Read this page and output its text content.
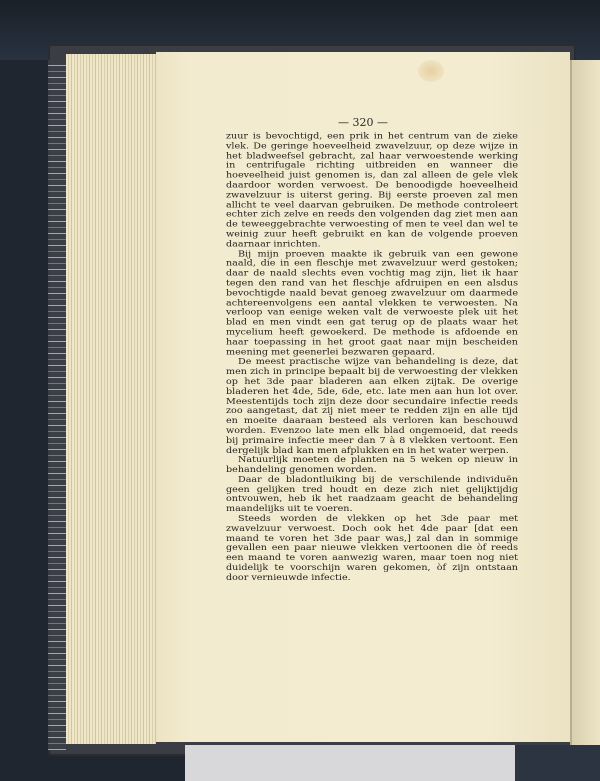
— 320 —

zuur is bevochtigd, een prik in het centrum van de zieke vlek. De geringe hoeveelheid zwavelzuur, op deze wijze in het bladweefsel gebracht, zal haar verwoestende werking in centrifugale richting uitbreiden en wanneer die hoeveelheid juist genomen is, dan zal alleen de gele vlek daardoor worden verwoest. De benoodigde hoeveelheid zwavelzuur is uiterst gering. Bij eerste proeven zal men allicht te veel daarvan gebruiken. De methode controleert echter zich zelve en reeds den volgenden dag ziet men aan de teweeggebrachte verwoesting of men te veel dan wel te weinig zuur heeft gebruikt en kan de volgende proeven daarnaar inrichten.

Bij mijn proeven maakte ik gebruik van een gewone naald, die in een fleschje met zwavelzuur werd gestoken; daar de naald slechts even vochtig mag zijn, liet ik haar tegen den rand van het fleschje afdruipen en een alsdus bevochtigde naald bevat genoeg zwavelzuur om daarmede achtereenvolgens een aantal vlekken te verwoesten. Na verloop van eenige weken valt de verwoeste plek uit het blad en men vindt een gat terug op de plaats waar het mycelium heeft gewoekerd. De methode is afdoende en haar toepassing in het groot gaat naar mijn bescheiden meening met geenerlei bezwaren gepaard.

De meest practische wijze van behandeling is deze, dat men zich in principe bepaalt bij de verwoesting der vlekken op het 3de paar bladeren aan elken zijtak. De overige bladeren het 4de, 5de, 6de, etc. late men aan hun lot over. Meestentijds toch zijn deze door secundaire infectie reeds zoo aangetast, dat zij niet meer te redden zijn en alle tijd en moeite daaraan besteed als verloren kan beschouwd worden. Evenzoo late men elk blad ongemoeid, dat reeds bij primaire infectie meer dan 7 à 8 vlekken vertoont. Een dergelijk blad kan men afplukken en in het water werpen.

Natuurlijk moeten de planten na 5 weken op nieuw in behandeling genomen worden.

Daar de bladontluiking bij de verschilende individuën geen gelijken tred houdt en deze zich niet gelijktijdig ontvouwen, heb ik het raadzaam geacht de behandeling maandelijks uit te voeren.

Steeds worden de vlekken op het 3de paar met zwavelzuur verwoest. Doch ook het 4de paar [dat een maand te voren het 3de paar was,] zal dan in sommige gevallen een paar nieuwe vlekken vertoonen die òf reeds een maand te voren aanwezig waren, maar toen nog niet duidelijk te voorschijn waren gekomen, òf zijn ontstaan door vernieuwde infectie.
